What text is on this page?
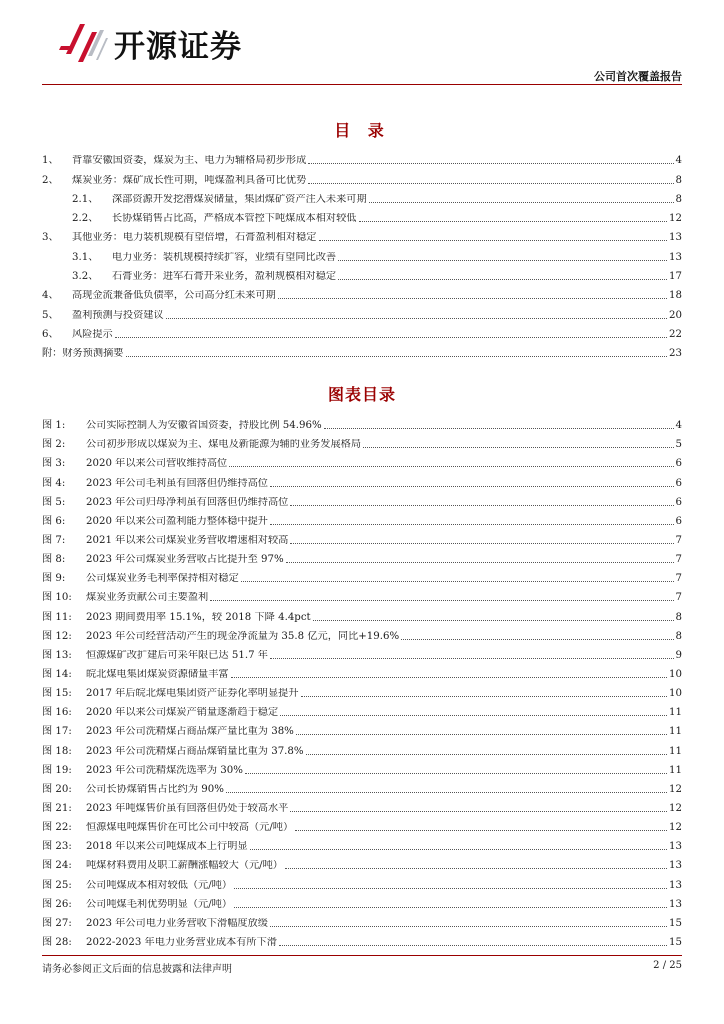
开源证券
公司首次覆盖报告
目 录
1、	背靠安徽国资委，煤炭为主、电力为辅格局初步形成	4
2、	煤炭业务：煤矿成长性可期，吨煤盈利具备可比优势	8
2.1、	深部资源开发挖潜煤炭储量，集团煤矿资产注入未来可期	8
2.2、	长协煤销售占比高，严格成本管控下吨煤成本相对较低	12
3、	其他业务：电力装机规模有望倍增，石膏盈利相对稳定	13
3.1、	电力业务：装机规模持续扩容，业绩有望同比改善	13
3.2、	石膏业务：进军石膏开采业务，盈利规模相对稳定	17
4、	高现金流兼备低负债率，公司高分红未来可期	18
5、	盈利预测与投资建议	20
6、	风险提示	22
附： 财务预测摘要	23
图表目录
图 1:	公司实际控制人为安徽省国资委，持股比例 54.96%	4
图 2:	公司初步形成以煤炭为主、煤电及新能源为辅的业务发展格局	5
图 3:	2020 年以来公司营收维持高位	6
图 4:	2023 年公司毛利虽有回落但仍维持高位	6
图 5:	2023 年公司归母净利虽有回落但仍维持高位	6
图 6:	2020 年以来公司盈利能力整体稳中提升	6
图 7:	2021 年以来公司煤炭业务营收增速相对较高	7
图 8:	2023 年公司煤炭业务营收占比提升至 97%	7
图 9:	公司煤炭业务毛利率保持相对稳定	7
图 10:	煤炭业务贡献公司主要盈利	7
图 11:	2023 期间费用率 15.1%，较 2018 下降 4.4pct	8
图 12:	2023 年公司经营活动产生的现金净流量为 35.8 亿元，同比+19.6%	8
图 13:	恒源煤矿改扩建后可采年限已达 51.7 年	9
图 14:	皖北煤电集团煤炭资源储量丰富	10
图 15:	2017 年后皖北煤电集团资产证券化率明显提升	10
图 16:	2020 年以来公司煤炭产销量逐渐趋于稳定	11
图 17:	2023 年公司洗精煤占商品煤产量比重为 38%	11
图 18:	2023 年公司洗精煤占商品煤销量比重为 37.8%	11
图 19:	2023 年公司洗精煤洗选率为 30%	11
图 20:	公司长协煤销售占比约为 90%	12
图 21:	2023 年吨煤售价虽有回落但仍处于较高水平	12
图 22:	恒源煤电吨煤售价在可比公司中较高（元/吨）	12
图 23:	2018 年以来公司吨煤成本上行明显	13
图 24:	吨煤材料费用及职工薪酬涨幅较大（元/吨）	13
图 25:	公司吨煤成本相对较低（元/吨）	13
图 26:	公司吨煤毛利优势明显（元/吨）	13
图 27:	2023 年公司电力业务营收下滑幅度放缓	15
图 28:	2022-2023 年电力业务营业成本有所下滑	15
请务必参阅正文后面的信息披露和法律声明	2 / 25
